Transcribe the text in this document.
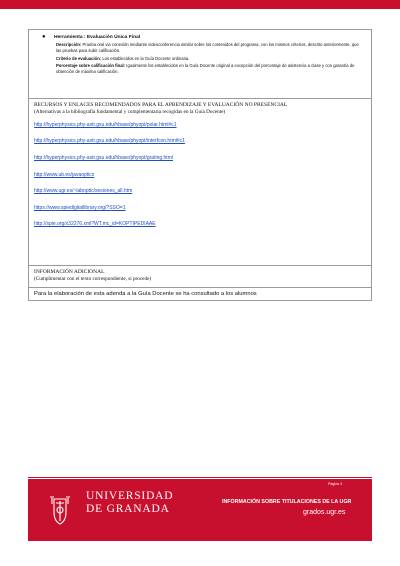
● Herramienta : Evaluación Única Final

Descripción: Prueba oral via conexión mediante videoconferencia similar sobre los contenidos del programa, con los mismos criterios, descrito anteriormente, que las pruebas para subir calificación.

Criterio de evaluación: Los establecidos en la Guía Docente ordinaria.

Porcentaje sobre calificación final: Igualmente los establecidos en la Guía Docente original a excepción del porcentaje de asistencia a clase y con garantía de obtención de máxima calificación.

RECURSOS Y ENLACES RECOMENDADOS PARA EL APRENDIZAJE Y EVALUACIÓN NO PRESENCIAL
(Alternativas a la bibliografía fundamental y complementaria recogidas en la Guía Docente)
http://hyperphysics.phy-astr.gsu.edu/hbase/phyopt/polar.html#c1
http://hyperphysics.phy-astr.gsu.edu/hbase/phyopt/interfcon.html#c1
http://hyperphysics.phy-astr.gsu.edu/hbase/phyopt/grating.html
http://www.ub.es/javaoptics
http://www.ugr.es/~laboptic/sesiones_all.htm
https://www.spiedigitallibrary.org/?SSO=1
http://spie.org/x32276.xml?WT.mc_id=KOPTIPEDIAAE
INFORMACIÓN ADICIONAL
(Cumplimentar con el texto correspondiente, si procede)
Para la elaboración de esta adenda a la Guía Docente se ha consultado a los alumnos
UNIVERSIDAD
DE GRANADA
Página 4
INFORMACIÓN SOBRE TITULACIONES DE LA UGR
grados.ugr.es
